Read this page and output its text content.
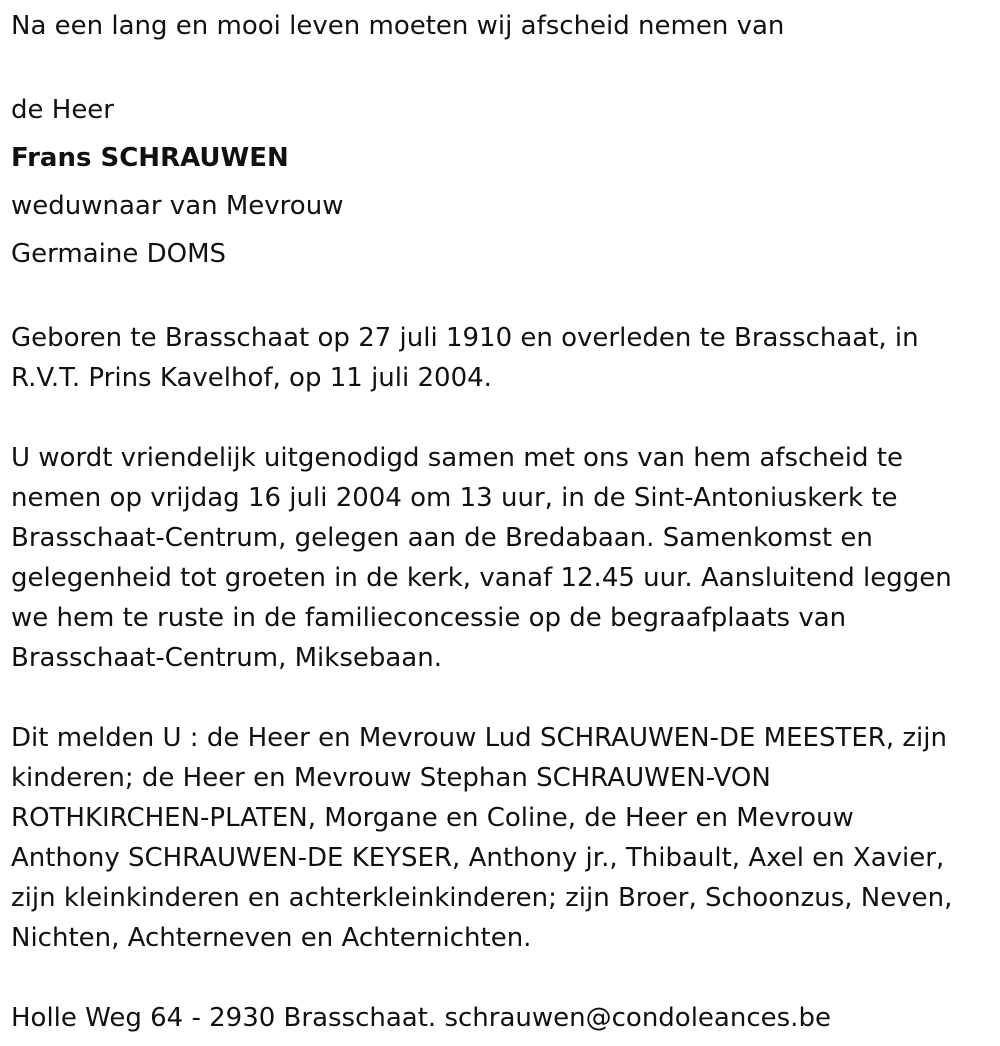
Na een lang en mooi leven moeten wij afscheid nemen van

de Heer

Frans SCHRAUWEN

weduwnaar van Mevrouw

Germaine DOMS

Geboren te Brasschaat op 27 juli 1910 en overleden te Brasschaat, in

R.V.T. Prins Kavelhof, op 11 juli 2004.

U wordt vriendelijk uitgenodigd samen met ons van hem afscheid te

nemen op vrijdag 16 juli 2004 om 13 uur, in de Sint-Antoniuskerk te

Brasschaat-Centrum, gelegen aan de Bredabaan. Samenkomst en

gelegenheid tot groeten in de kerk, vanaf 12.45 uur. Aansluitend leggen

we hem te ruste in de familieconcessie op de begraafplaats van

Brasschaat-Centrum, Miksebaan.

Dit melden U : de Heer en Mevrouw Lud SCHRAUWEN-DE MEESTER, zijn

kinderen; de Heer en Mevrouw Stephan SCHRAUWEN-VON

ROTHKIRCHEN-PLATEN, Morgane en Coline, de Heer en Mevrouw

Anthony SCHRAUWEN-DE KEYSER, Anthony jr., Thibault, Axel en Xavier,

zijn kleinkinderen en achterkleinkinderen; zijn Broer, Schoonzus, Neven,

Nichten, Achterneven en Achternichten.

Holle Weg 64 - 2930 Brasschaat. schrauwen@condoleances.be
